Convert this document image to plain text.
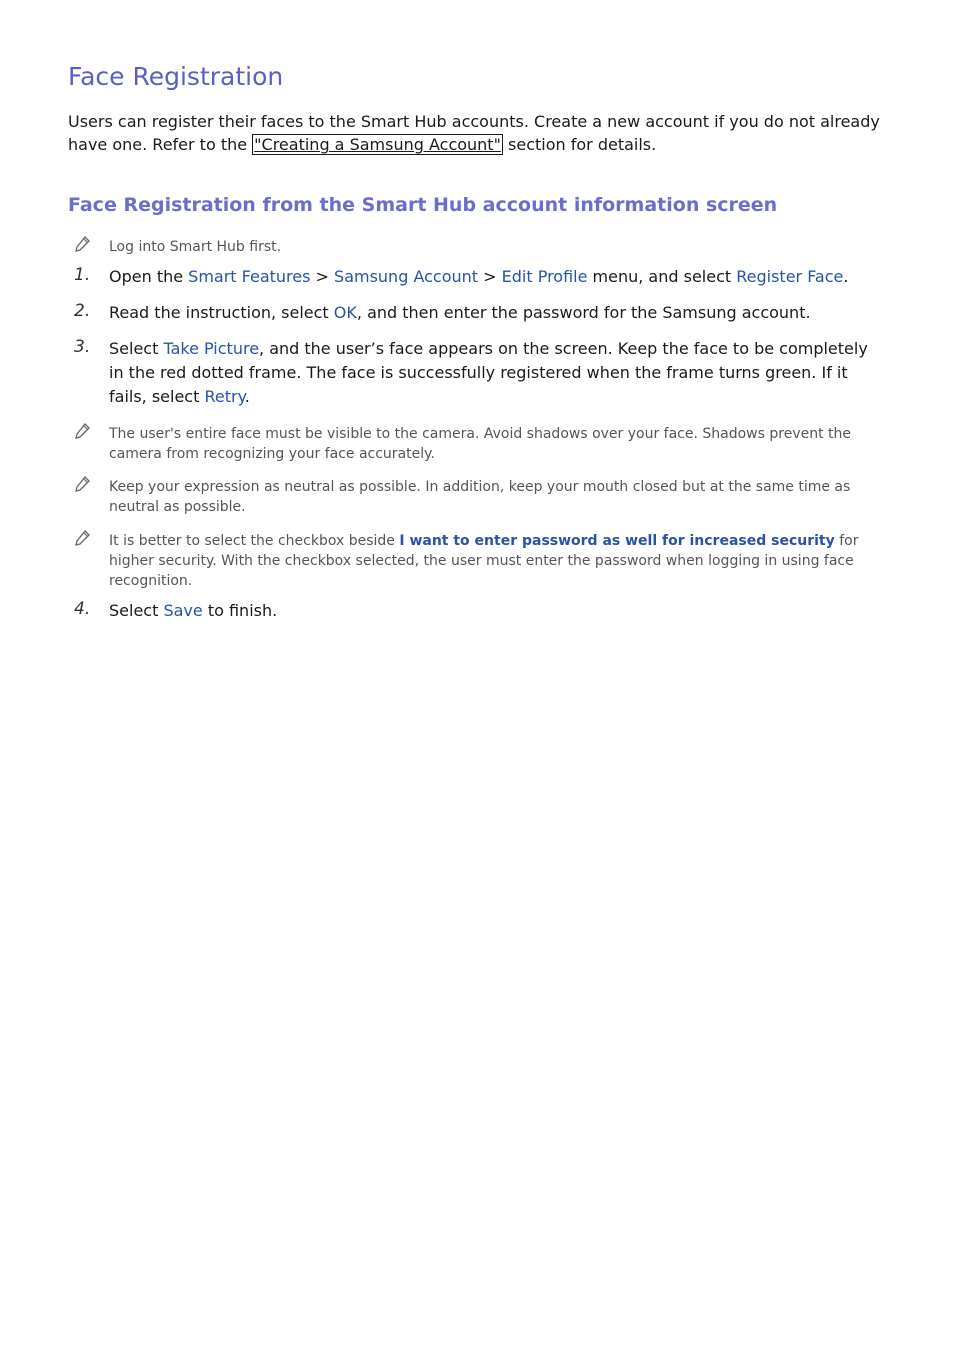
Face Registration

Users can register their faces to the Smart Hub accounts. Create a new account if you do not already have one. Refer to the "Creating a Samsung Account" section for details.

Face Registration from the Smart Hub account information screen
Log into Smart Hub first.
1. Open the Smart Features > Samsung Account > Edit Profile menu, and select Register Face.
2. Read the instruction, select OK, and then enter the password for the Samsung account.
3. Select Take Picture, and the user’s face appears on the screen. Keep the face to be completely in the red dotted frame. The face is successfully registered when the frame turns green. If it fails, select Retry.
The user's entire face must be visible to the camera. Avoid shadows over your face. Shadows prevent the camera from recognizing your face accurately.
Keep your expression as neutral as possible. In addition, keep your mouth closed but at the same time as neutral as possible.
It is better to select the checkbox beside I want to enter password as well for increased security for higher security. With the checkbox selected, the user must enter the password when logging in using face recognition.
4. Select Save to finish.
